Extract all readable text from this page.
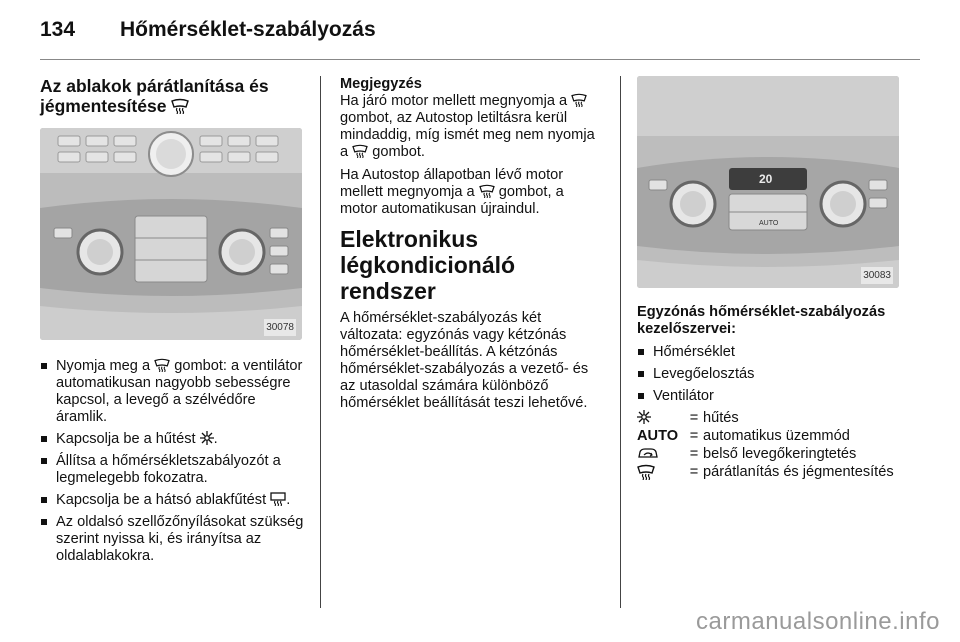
134 Hőmérséklet-szabályozás
Az ablakok párátlanítása és
jégmentesítése
30078
Nyomja meg a gombot: a ventilátor automatikusan nagyobb sebességre kapcsol, a levegő a szélvédőre áramlik.
Kapcsolja be a hűtést .
Állítsa a hőmérsékletszabályozót a legmelegebb fokozatra.
Kapcsolja be a hátsó ablakfűtést .
Az oldalsó szellőzőnyílásokat szükség szerint nyissa ki, és irányítsa az oldalablakokra.
Megjegyzés

Ha járó motor mellett megnyomja a  gombot, az Autostop letiltásra kerül mindaddig, míg ismét meg nem nyomja a gombot.

Ha Autostop állapotban lévő motor mellett megnyomja a gombot, a motor automatikusan újraindul.

Elektronikus légkondicionáló rendszer

A hőmérséklet-szabályozás két változata: egyzónás vagy kétzónás hőmérséklet-beállítás. A kétzónás hőmérséklet-szabályozás a vezető- és az utasoldal számára különböző hőmérséklet beállítását teszi lehetővé.

20
AUTO
30083
Egyzónás hőmérséklet-szabályozás kezelőszervei:
Hőmérséklet
Levegőelosztás
Ventilátor
= hűtés
AUTO = automatikus üzemmód
= belső levegőkeringtetés
= párátlanítás és jégmentesítés
carmanualsonline.info
